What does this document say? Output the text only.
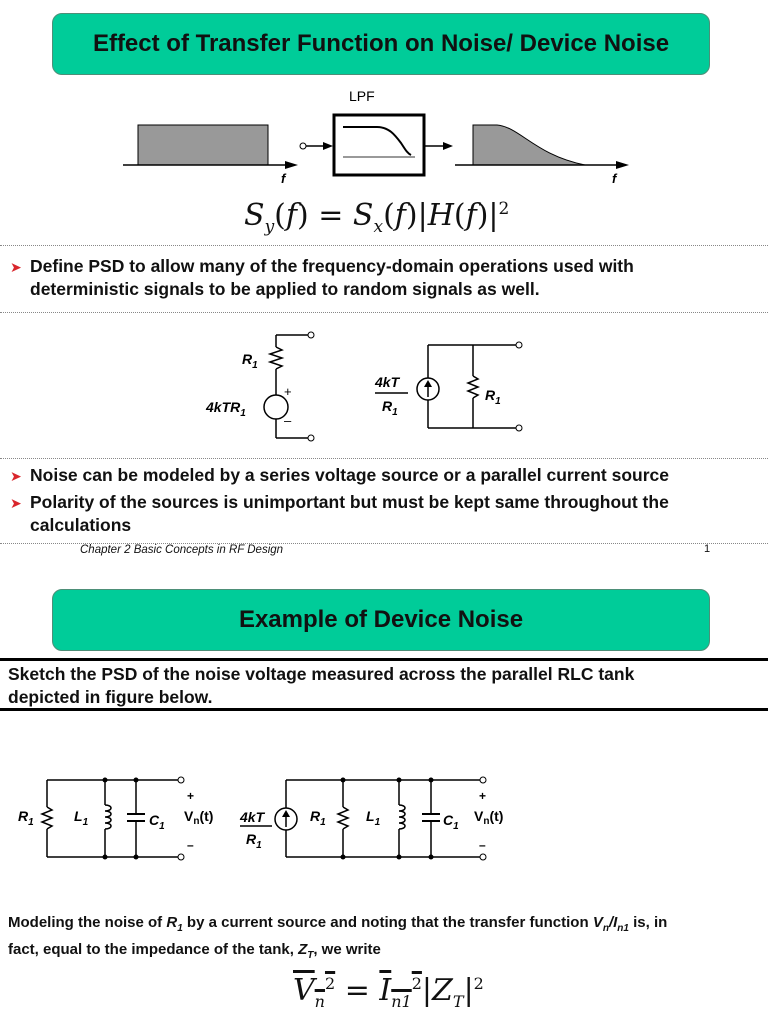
Effect of Transfer Function on Noise/ Device Noise
f
LPF
f
$S_y(f) = S_x(f)|H(f)|^2$
➤ Define PSD to allow many of the frequency-domain operations used with
deterministic signals to be applied to random signals as well.
$R_1$
4kTR$_1$
+
–
4kT
$R_1$
$R_1$
➤ Noise can be modeled by a series voltage source or a parallel current source
➤ Polarity of the sources is unimportant but must be kept same throughout the
calculations
Chapter 2 Basic Concepts in RF Design	1
Example of Device Noise
Sketch the PSD of the noise voltage measured across the parallel RLC tank
depicted in figure below.
$R_1$	$L_1$	$C_1$
$V_n(t)$
+
–
4kT
$R_1$
$R_1$	$L_1$	$C_1$
$V_n(t)$
+
–
Modeling the noise of $R_1$ by a current source and noting that the transfer function $V_n/I_{n1}$ is, in
fact, equal to the impedance of the tank, $Z_T$, we write
$V_n^2 = I_{n1}^2|Z_T|^2$
